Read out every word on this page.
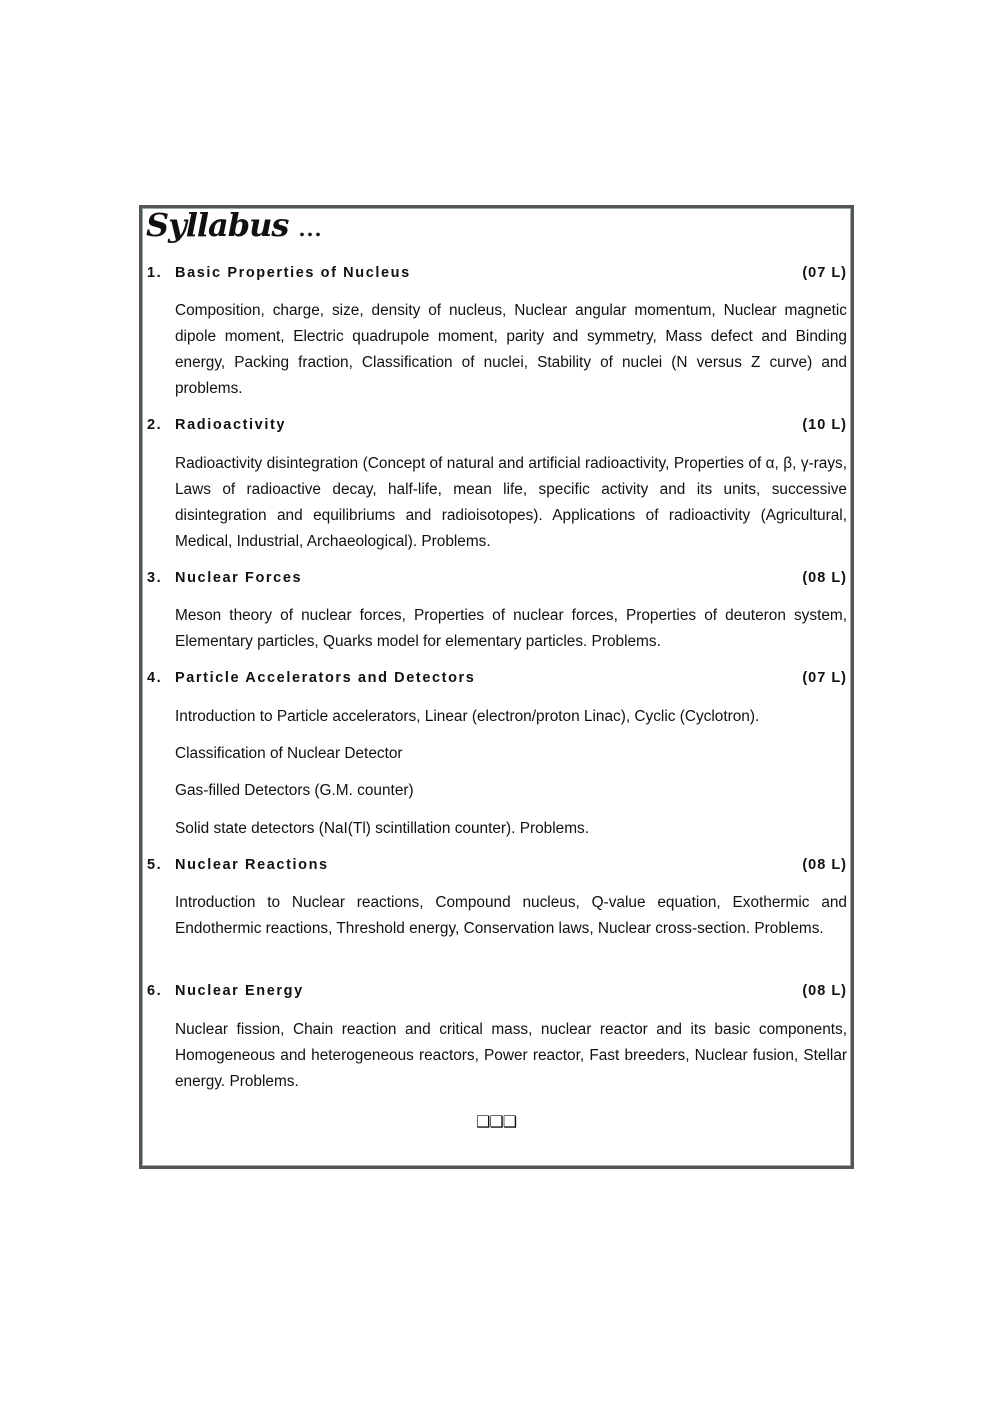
Syllabus ...
1. Basic Properties of Nucleus	(07 L)
Composition, charge, size, density of nucleus, Nuclear angular momentum, Nuclear magnetic dipole moment, Electric quadrupole moment, parity and symmetry, Mass defect and Binding energy, Packing fraction, Classification of nuclei, Stability of nuclei (N versus Z curve) and problems.
2. Radioactivity	(10 L)
Radioactivity disintegration (Concept of natural and artificial radioactivity, Properties of α, β, γ-rays, Laws of radioactive decay, half-life, mean life, specific activity and its units, successive disintegration and equilibriums and radioisotopes). Applications of radioactivity (Agricultural, Medical, Industrial, Archaeological). Problems.
3. Nuclear Forces	(08 L)
Meson theory of nuclear forces, Properties of nuclear forces, Properties of deuteron system, Elementary particles, Quarks model for elementary particles. Problems.
4. Particle Accelerators and Detectors	(07 L)
Introduction to Particle accelerators, Linear (electron/proton Linac), Cyclic (Cyclotron).
Classification of Nuclear Detector
Gas-filled Detectors (G.M. counter)
Solid state detectors (NaI(Tl) scintillation counter). Problems.
5. Nuclear Reactions	(08 L)
Introduction to Nuclear reactions, Compound nucleus, Q-value equation, Exothermic and Endothermic reactions, Threshold energy, Conservation laws, Nuclear cross-section. Problems.
6. Nuclear Energy	(08 L)
Nuclear fission, Chain reaction and critical mass, nuclear reactor and its basic components, Homogeneous and heterogeneous reactors, Power reactor, Fast breeders, Nuclear fusion, Stellar energy. Problems.
❑❑❑
